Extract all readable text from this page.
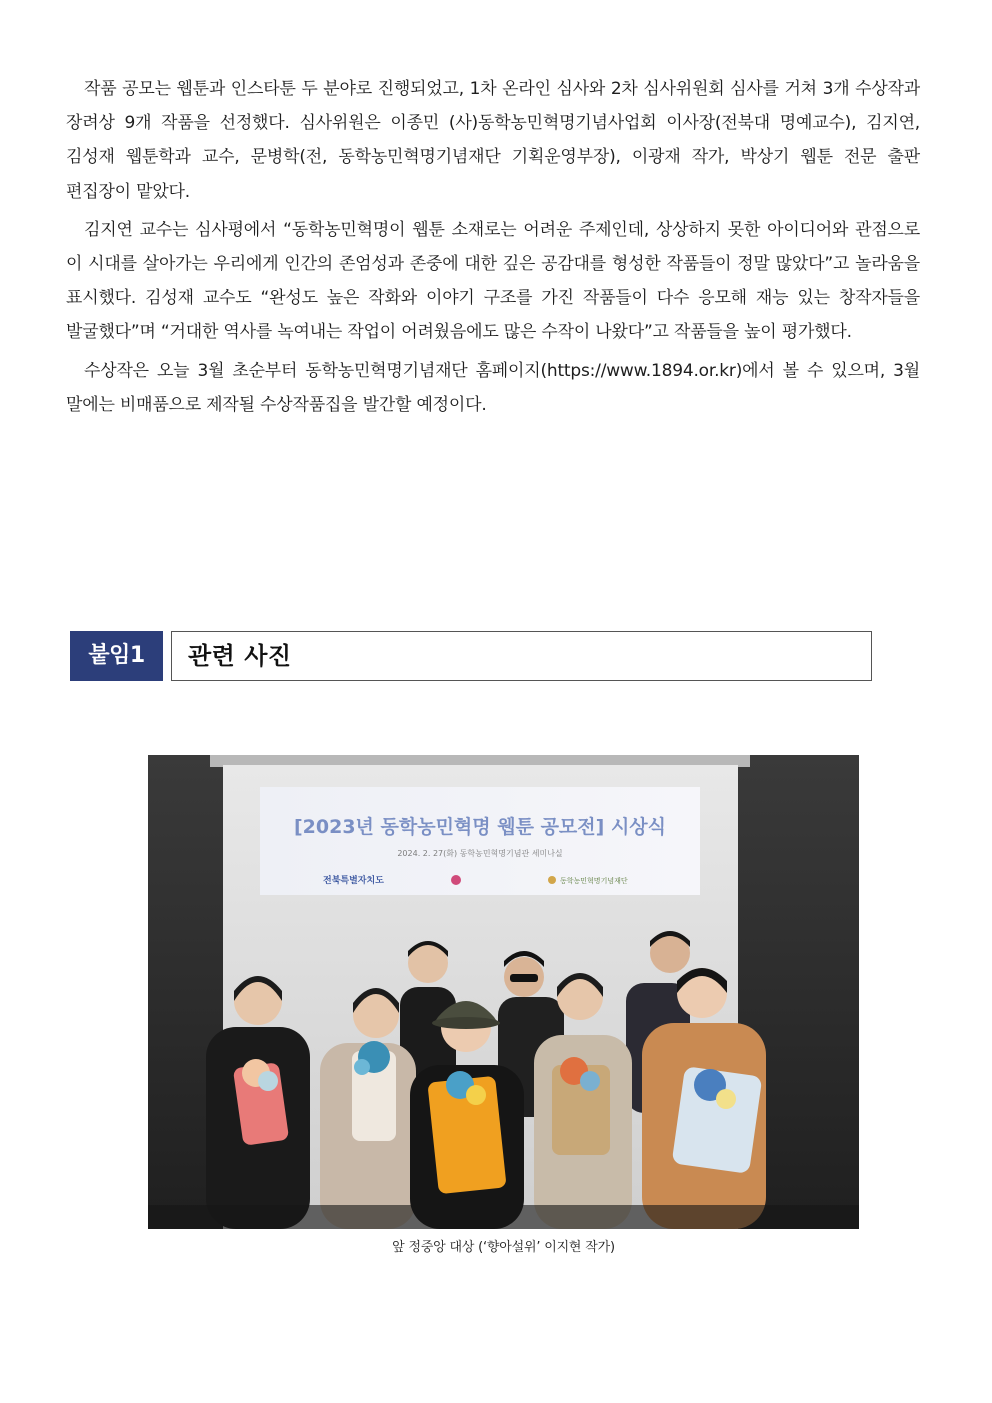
작품 공모는 웹툰과 인스타툰 두 분야로 진행되었고, 1차 온라인 심사와 2차 심사위원회 심사를 거쳐 3개 수상작과 장려상 9개 작품을 선정했다. 심사위원은 이종민 (사)동학농민혁명기념사업회 이사장(전북대 명예교수), 김지연, 김성재 웹툰학과 교수, 문병학(전, 동학농민혁명기념재단 기획운영부장), 이광재 작가, 박상기 웹툰 전문 출판 편집장이 맡았다.

김지연 교수는 심사평에서 “동학농민혁명이 웹툰 소재로는 어려운 주제인데, 상상하지 못한 아이디어와 관점으로 이 시대를 살아가는 우리에게 인간의 존엄성과 존중에 대한 깊은 공감대를 형성한 작품들이 정말 많았다”고 놀라움을 표시했다. 김성재 교수도 “완성도 높은 작화와 이야기 구조를 가진 작품들이 다수 응모해 재능 있는 창작자들을 발굴했다”며 “거대한 역사를 녹여내는 작업이 어려웠음에도 많은 수작이 나왔다”고 작품들을 높이 평가했다.

수상작은 오늘 3월 초순부터 동학농민혁명기념재단 홈페이지(https://www.1894.or.kr)에서 볼 수 있으며, 3월 말에는 비매품으로 제작될 수상작품집을 발간할 예정이다.

붙임1	관련 사진
[2023년 동학농민혁명 웹툰 공모전] 시상식
2024. 2. 27(화) 동학농민혁명기념관 세미나실
전북특별자치도	동학농민혁명기념재단
앞 정중앙 대상 (‘향아설위’ 이지현 작가)
